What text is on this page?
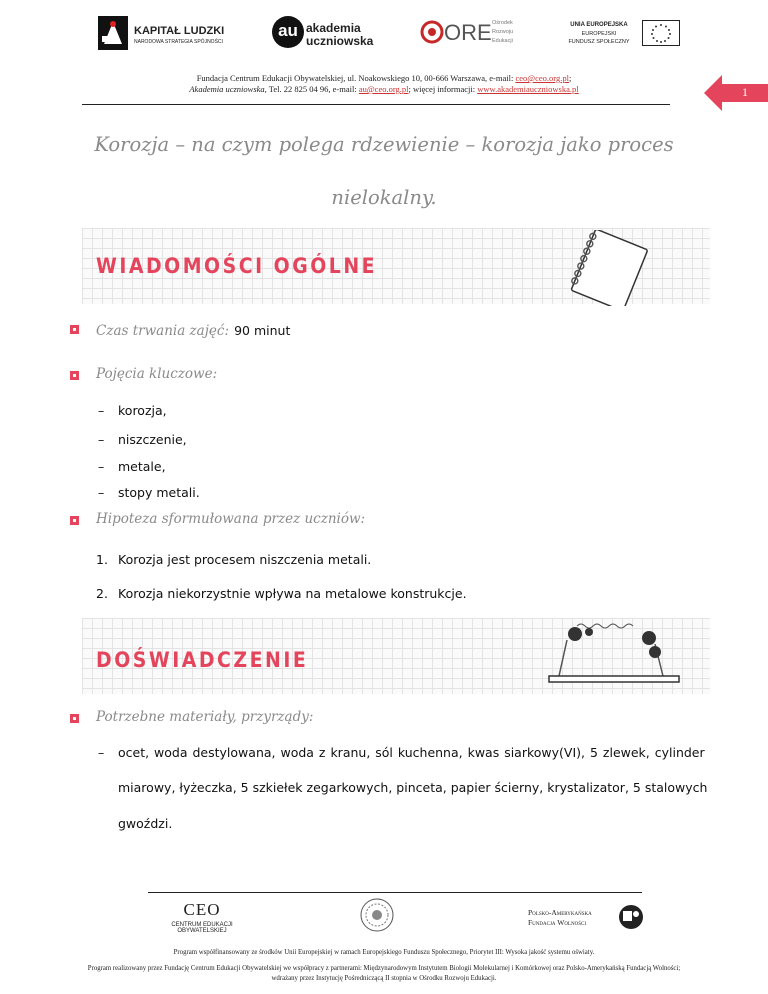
KAPITAŁ LUDZKI
NARODOWA STRATEGIA SPÓJNOŚCI
au akademia
uczniowska	ORE Ośrodek
Rozwoju
Edukacji
UNIA EUROPEJSKA
EUROPEJSKI
FUNDUSZ SPOŁECZNY
Fundacja Centrum Edukacji Obywatelskiej, ul. Noakowskiego 10, 00-666 Warszawa, e-mail: ceo@ceo.org.pl;
Akademia uczniowska, Tel. 22 825 04 96, e-mail: au@ceo.org.pl; więcej informacji: www.akademiauczniowska.pl	1
Korozja – na czym polega rdzewienie – korozja jako proces
nielokalny.
WIADOMOŚCI OGÓLNE
Czas trwania zajęć: 90 minut
Pojęcia kluczowe:
– korozja,
– niszczenie,
– metale,
– stopy metali.
Hipoteza sformułowana przez uczniów:
1. Korozja jest procesem niszczenia metali.
2. Korozja niekorzystnie wpływa na metalowe konstrukcje.
DOŚWIADCZENIE
Potrzebne materiały, przyrządy:
– ocet, woda destylowana, woda z kranu, sól kuchenna, kwas siarkowy(VI), 5 zlewek, cylinder
miarowy, łyżeczka, 5 szkiełek zegarkowych, pinceta, papier ścierny, krystalizator, 5 stalowych
gwoździ.
CEO
CENTRUM EDUKACJI OBYWATELSKIEJ
Polsko-Amerykańska
Fundacja Wolności
Program współfinansowany ze środków Unii Europejskiej w ramach Europejskiego Funduszu Społecznego, Priorytet III: Wysoka jakość systemu oświaty.
Program realizowany przez Fundację Centrum Edukacji Obywatelskiej we współpracy z partnerami: Międzynarodowym Instytutem Biologii Molekularnej i Komórkowej oraz Polsko-Amerykańską Fundacją Wolności;
wdrażany przez Instytucję Pośredniczącą II stopnia w Ośrodku Rozwoju Edukacji.
